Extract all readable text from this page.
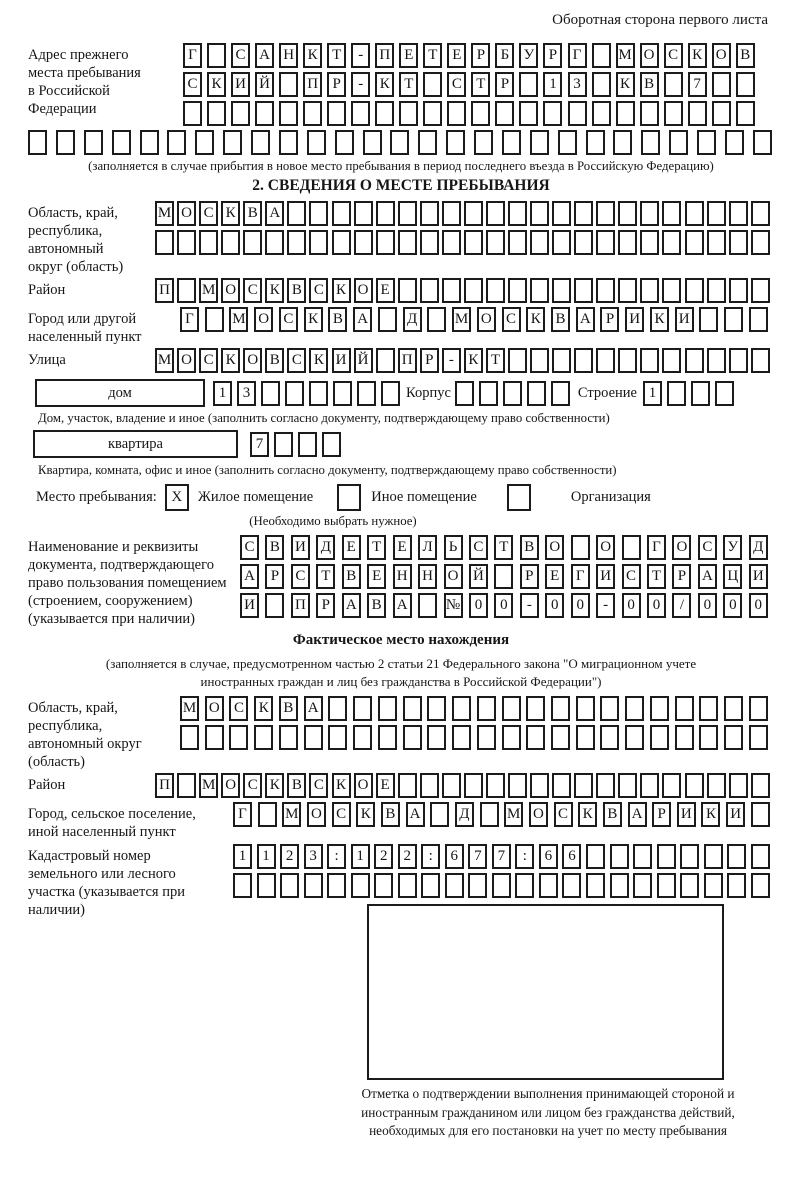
Оборотная сторона первого листа
Адрес прежнего места пребывания в Российской Федерации
Г	С А Н К Т	-	П Е Т Е	Р	Б У Р	Г	М О С К О В
С К И Й П Р	-	К Т	С Т	Р	1	3	К В	7
(заполняется в случае прибытия в новое место пребывания в период последнего въезда в Российскую Федерацию)
2. СВЕДЕНИЯ О МЕСТЕ ПРЕБЫВАНИЯ
Область, край, республика, автономный округ (область)
М О С К В А
Район	П М О С К В С К О Е
Город или другой населенный пункт
Г	М О С К В А	Д	М О С К В А	Р	И К И
Улица	М О С К О В С К И Й П Р	- К Т
дом	1	3	Корпус	Строение 1
Дом, участок, владение и иное (заполнить согласно документу, подтверждающему право собственности)
квартира	7
Квартира, комната, офис и иное (заполнить согласно документу, подтверждающему право собственности)
Место пребывания: X	Жилое помещение	Иное помещение	Организация
(Необходимо выбрать нужное)
Наименование и реквизиты документа, подтверждающего право пользования помещением (строением, сооружением) (указывается при наличии)
С	В	И Д	Е	Т	Е	Л	Ь	С	Т	В	О	О	Г	О С	У Д
А	Р	С	Т	В	Е	Н Н О Й	Р	Е	Г	И С	Т	Р	А Ц И
И	П	Р	А В	А	№ 0	0	-	0	0	-	0	0	/	0	0	0
Фактическое место нахождения
(заполняется в случае, предусмотренном частью 2 статьи 21 Федерального закона "О миграционном учете иностранных граждан и лиц без гражданства в Российской Федерации")
Область, край, республика, автономный округ (область)
М О С К В А
Район	П М О С К В С К О Е
Город, сельское поселение, иной населенный пункт
Г	М О С К В А	Д	М О С К В А	Р	И К И
Кадастровый номер земельного или лесного участка (указывается при наличии)
1	1	2	3	:	1	2	2	:	6	7	7	:	6	6
Отметка о подтверждении выполнения принимающей стороной и иностранным гражданином или лицом без гражданства действий, необходимых для его постановки на учет по месту пребывания
